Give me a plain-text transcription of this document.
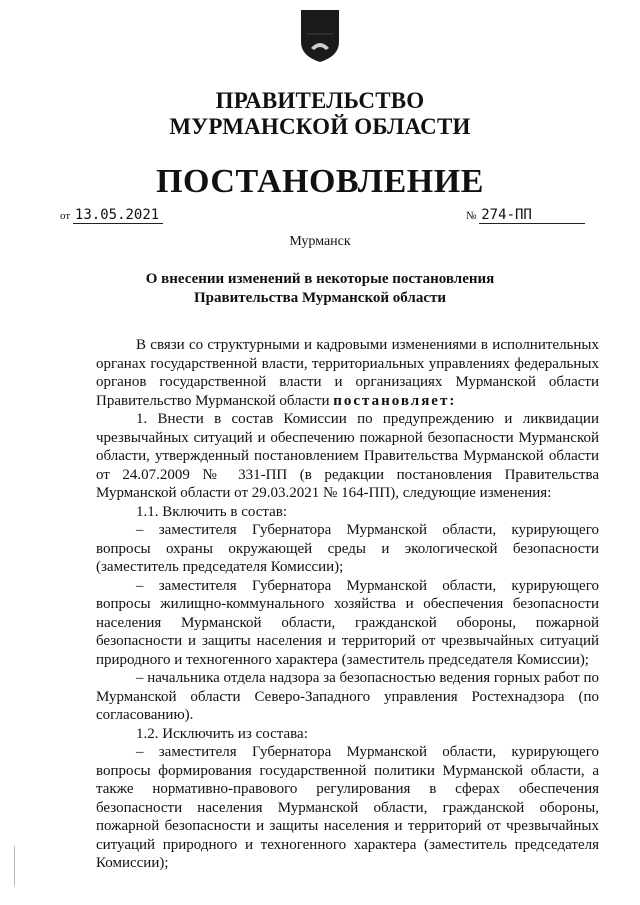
ПРАВИТЕЛЬСТВО
МУРМАНСКОЙ ОБЛАСТИ
ПОСТАНОВЛЕНИЕ
от 13.05.2021	№ 274-ПП
Мурманск
О внесении изменений в некоторые постановления
Правительства Мурманской области

В связи со структурными и кадровыми изменениями в исполнительных органах государственной власти, территориальных управлениях федеральных органов государственной власти и организациях Мурманской области Правительство Мурманской области постановляет:

1. Внести в состав Комиссии по предупреждению и ликвидации чрезвычайных ситуаций и обеспечению пожарной безопасности Мурманской области, утвержденный постановлением Правительства Мурманской области от 24.07.2009 № 331-ПП (в редакции постановления Правительства Мурманской области от 29.03.2021 № 164-ПП), следующие изменения:

1.1. Включить в состав:

– заместителя Губернатора Мурманской области, курирующего вопросы охраны окружающей среды и экологической безопасности (заместитель председателя Комиссии);

– заместителя Губернатора Мурманской области, курирующего вопросы жилищно-коммунального хозяйства и обеспечения безопасности населения Мурманской области, гражданской обороны, пожарной безопасности и защиты населения и территорий от чрезвычайных ситуаций природного и техногенного характера (заместитель председателя Комиссии);

– начальника отдела надзора за безопасностью ведения горных работ по Мурманской области Северо-Западного управления Ростехнадзора (по согласованию).

1.2. Исключить из состава:

– заместителя Губернатора Мурманской области, курирующего вопросы формирования государственной политики Мурманской области, а также нормативно-правового регулирования в сферах обеспечения безопасности населения Мурманской области, гражданской обороны, пожарной безопасности и защиты населения и территорий от чрезвычайных ситуаций природного и техногенного характера (заместитель председателя Комиссии);
